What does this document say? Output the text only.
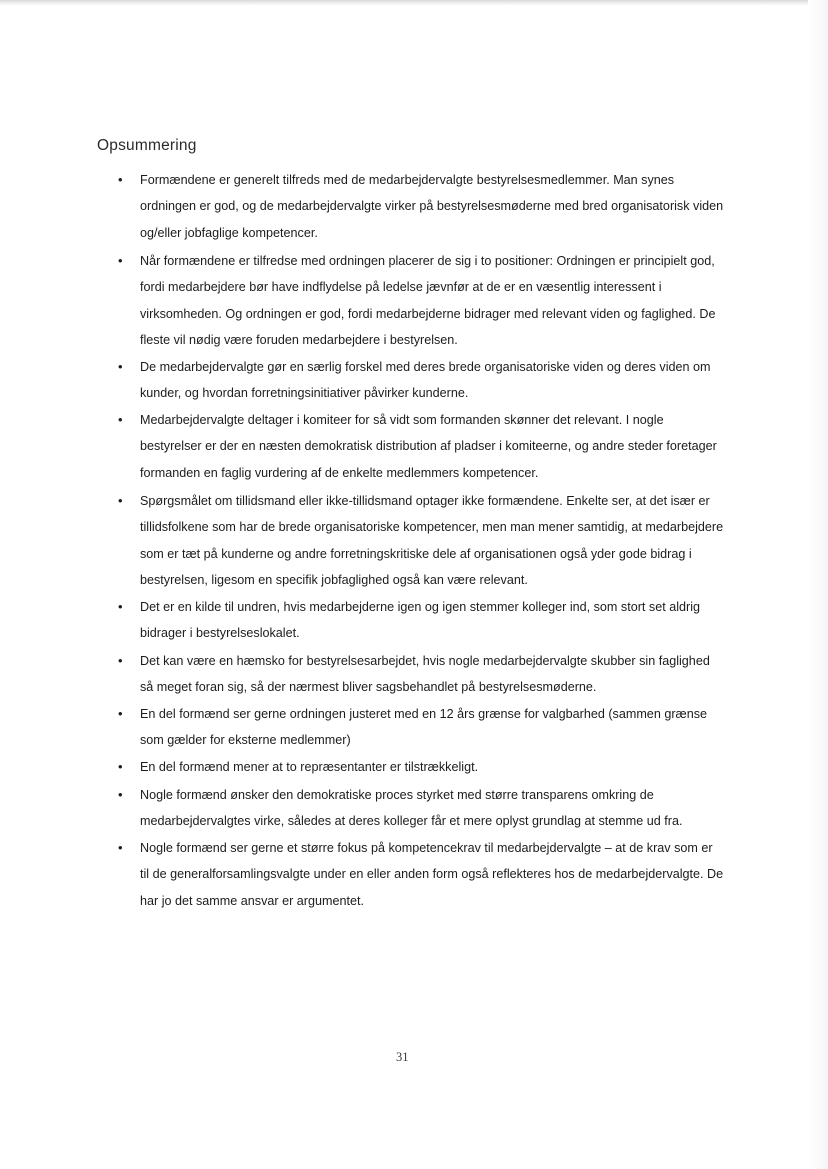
Opsummering
• Formændene er generelt tilfreds med de medarbejdervalgte bestyrelsesmedlemmer. Man synes ordningen er god, og de medarbejdervalgte virker på bestyrelsesmøderne med bred organisatorisk viden og/eller jobfaglige kompetencer.
• Når formændene er tilfredse med ordningen placerer de sig i to positioner: Ordningen er principielt god, fordi medarbejdere bør have indflydelse på ledelse jævnfør at de er en væsentlig interessent i virksomheden. Og ordningen er god, fordi medarbejderne bidrager med relevant viden og faglighed. De fleste vil nødig være foruden medarbejdere i bestyrelsen.
• De medarbejdervalgte gør en særlig forskel med deres brede organisatoriske viden og deres viden om kunder, og hvordan forretningsinitiativer påvirker kunderne.
• Medarbejdervalgte deltager i komiteer for så vidt som formanden skønner det relevant. I nogle bestyrelser er der en næsten demokratisk distribution af pladser i komiteerne, og andre steder foretager formanden en faglig vurdering af de enkelte medlemmers kompetencer.
• Spørgsmålet om tillidsmand eller ikke-tillidsmand optager ikke formændene. Enkelte ser, at det især er tillidsfolkene som har de brede organisatoriske kompetencer, men man mener samtidig, at medarbejdere som er tæt på kunderne og andre forretningskritiske dele af organisationen også yder gode bidrag i bestyrelsen, ligesom en specifik jobfaglighed også kan være relevant.
• Det er en kilde til undren, hvis medarbejderne igen og igen stemmer kolleger ind, som stort set aldrig bidrager i bestyrelseslokalet.
• Det kan være en hæmsko for bestyrelsesarbejdet, hvis nogle medarbejdervalgte skubber sin faglighed så meget foran sig, så der nærmest bliver sagsbehandlet på bestyrelsesmøderne.
• En del formænd ser gerne ordningen justeret med en 12 års grænse for valgbarhed (sammen grænse som gælder for eksterne medlemmer)
• En del formænd mener at to repræsentanter er tilstrækkeligt.
• Nogle formænd ønsker den demokratiske proces styrket med større transparens omkring de medarbejdervalgtes virke, således at deres kolleger får et mere oplyst grundlag at stemme ud fra.
• Nogle formænd ser gerne et større fokus på kompetencekrav til medarbejdervalgte – at de krav som er til de generalforsamlingsvalgte under en eller anden form også reflekteres hos de medarbejdervalgte. De har jo det samme ansvar er argumentet.
31
